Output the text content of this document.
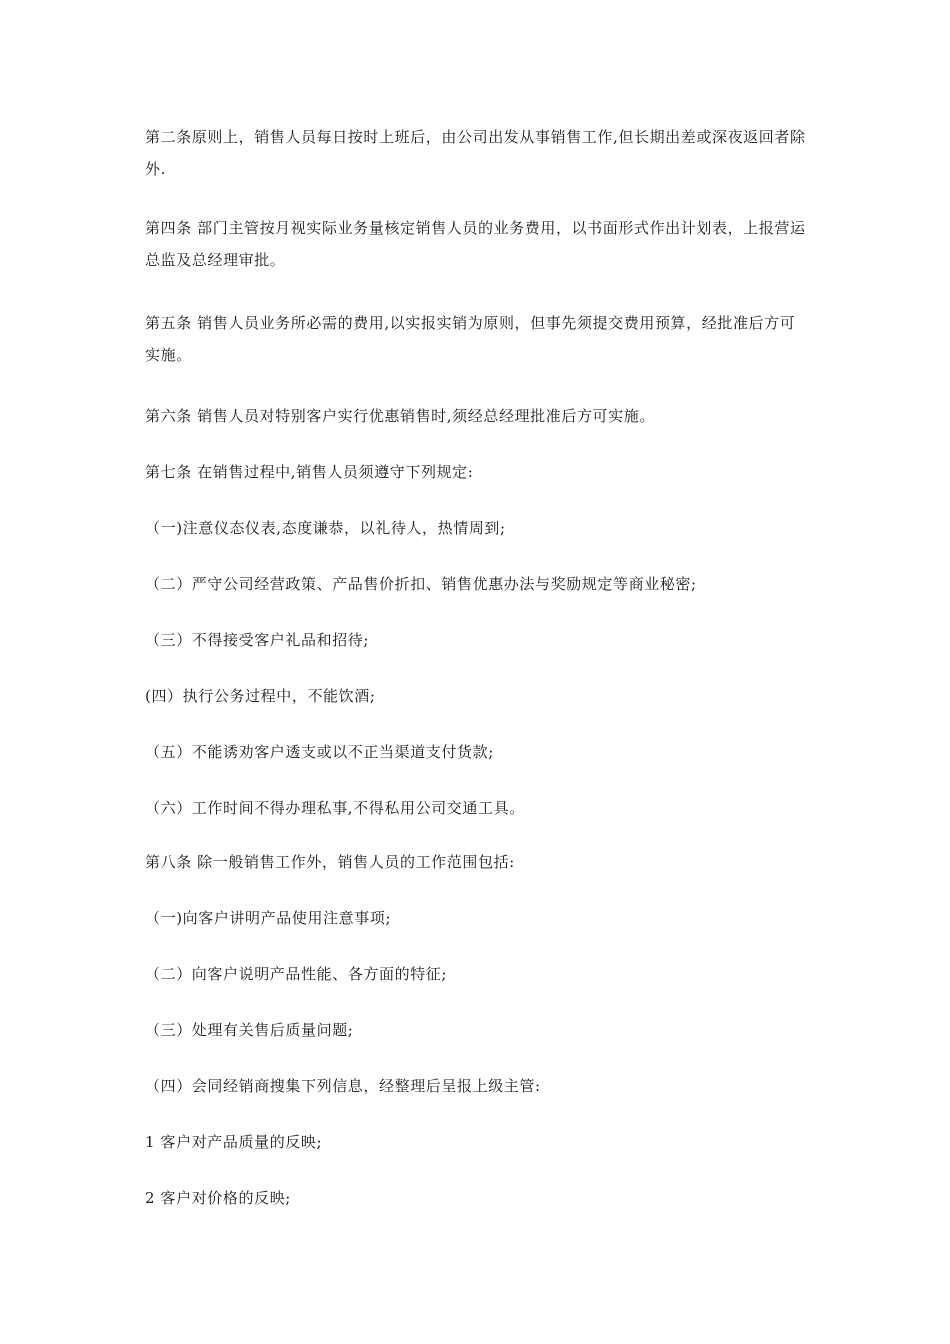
第二条原则上，销售人员每日按时上班后，由公司出发从事销售工作,但长期出差或深夜返回者除外.
第四条 部门主管按月视实际业务量核定销售人员的业务费用，以书面形式作出计划表，上报营运总监及总经理审批。
第五条 销售人员业务所必需的费用,以实报实销为原则，但事先须提交费用预算，经批准后方可实施。
第六条 销售人员对特别客户实行优惠销售时,须经总经理批准后方可实施。
第七条 在销售过程中,销售人员须遵守下列规定:
（一)注意仪态仪表,态度谦恭，以礼待人，热情周到;
（二）严守公司经营政策、产品售价折扣、销售优惠办法与奖励规定等商业秘密;
（三）不得接受客户礼品和招待;
(四）执行公务过程中，不能饮酒;
（五）不能诱劝客户透支或以不正当渠道支付货款;
（六）工作时间不得办理私事,不得私用公司交通工具。
第八条 除一般销售工作外，销售人员的工作范围包括:
（一)向客户讲明产品使用注意事项;
（二）向客户说明产品性能、各方面的特征;
（三）处理有关售后质量问题;
（四）会同经销商搜集下列信息，经整理后呈报上级主管:
1 客户对产品质量的反映;
2 客户对价格的反映;
